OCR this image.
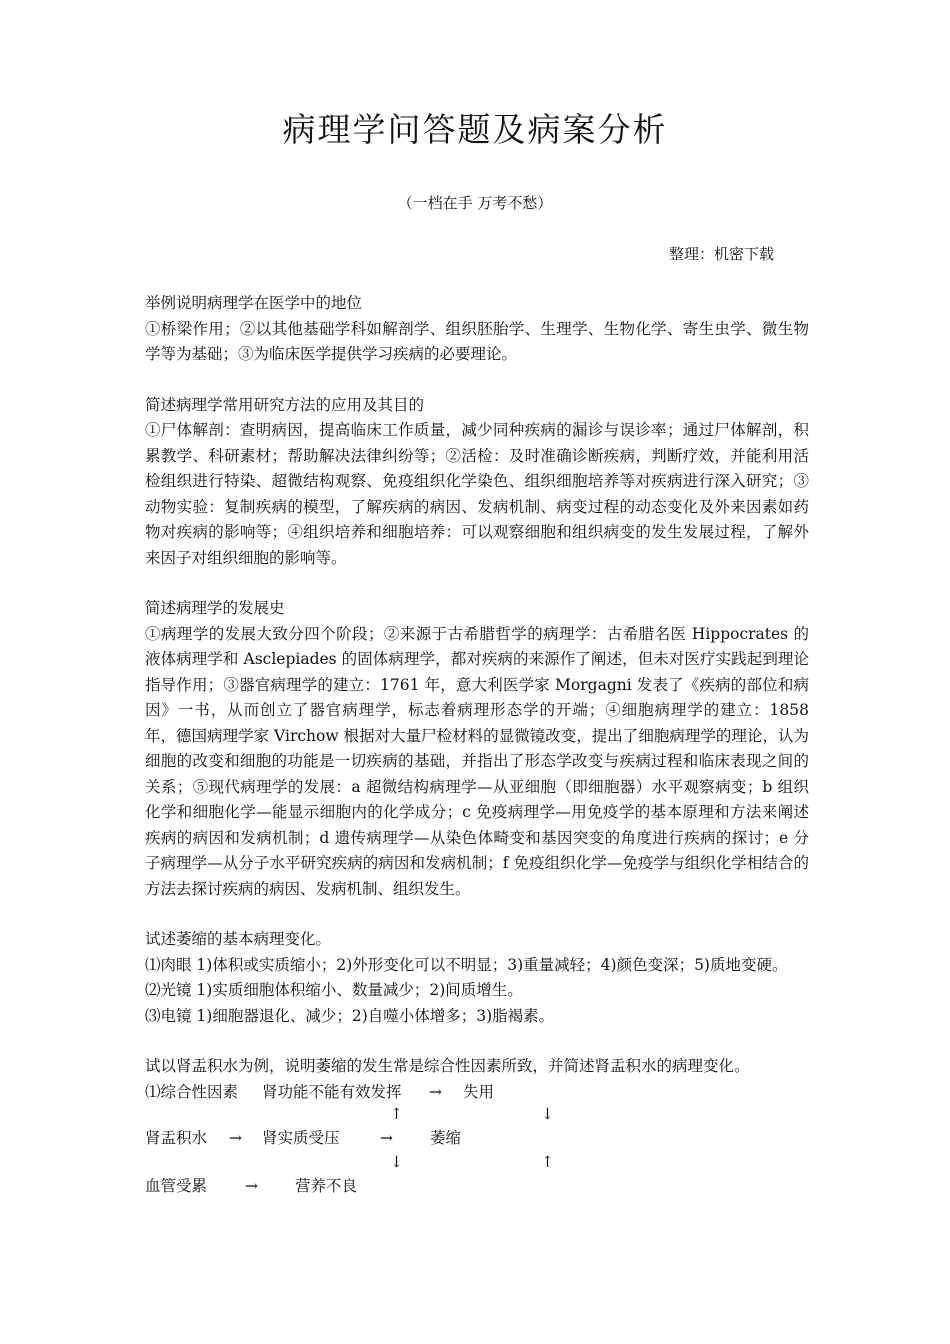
病理学问答题及病案分析
（一档在手 万考不愁）
整理：机密下载

举例说明病理学在医学中的地位

①桥梁作用；②以其他基础学科如解剖学、组织胚胎学、生理学、生物化学、寄生虫学、微生物学等为基础；③为临床医学提供学习疾病的必要理论。

简述病理学常用研究方法的应用及其目的

①尸体解剖：查明病因，提高临床工作质量，减少同种疾病的漏诊与误诊率；通过尸体解剖，积累教学、科研素材；帮助解决法律纠纷等；②活检：及时准确诊断疾病，判断疗效，并能利用活检组织进行特染、超微结构观察、免疫组织化学染色、组织细胞培养等对疾病进行深入研究；③动物实验：复制疾病的模型，了解疾病的病因、发病机制、病变过程的动态变化及外来因素如药物对疾病的影响等；④组织培养和细胞培养：可以观察细胞和组织病变的发生发展过程，了解外来因子对组织细胞的影响等。

简述病理学的发展史

①病理学的发展大致分四个阶段；②来源于古希腊哲学的病理学：古希腊名医 Hippocrates 的液体病理学和 Asclepiades 的固体病理学，都对疾病的来源作了阐述，但未对医疗实践起到理论指导作用；③器官病理学的建立：1761 年，意大利医学家 Morgagni 发表了《疾病的部位和病因》一书，从而创立了器官病理学，标志着病理形态学的开端；④细胞病理学的建立：1858 年，德国病理学家 Virchow 根据对大量尸检材料的显微镜改变，提出了细胞病理学的理论，认为细胞的改变和细胞的功能是一切疾病的基础，并指出了形态学改变与疾病过程和临床表现之间的关系；⑤现代病理学的发展：a 超微结构病理学—从亚细胞（即细胞器）水平观察病变；b 组织化学和细胞化学—能显示细胞内的化学成分；c 免疫病理学—用免疫学的基本原理和方法来阐述疾病的病因和发病机制；d 遗传病理学—从染色体畸变和基因突变的角度进行疾病的探讨；e 分子病理学—从分子水平研究疾病的病因和发病机制；f 免疫组织化学—免疫学与组织化学相结合的方法去探讨疾病的病因、发病机制、组织发生。

试述萎缩的基本病理变化。

⑴肉眼 1)体积或实质缩小；2)外形变化可以不明显；3)重量减轻；4)颜色变深；5)质地变硬。

⑵光镜 1)实质细胞体积缩小、数量减少；2)间质增生。

⑶电镜 1)细胞器退化、减少；2)自噬小体增多；3)脂褐素。

试以肾盂积水为例，说明萎缩的发生常是综合性因素所致，并简述肾盂积水的病理变化。

⑴综合性因素 肾功能不能有效发挥 → 失用
↑	↓
肾盂积水 → 肾实质受压	→ 萎缩
↓	↑
血管受累 → 营养不良
